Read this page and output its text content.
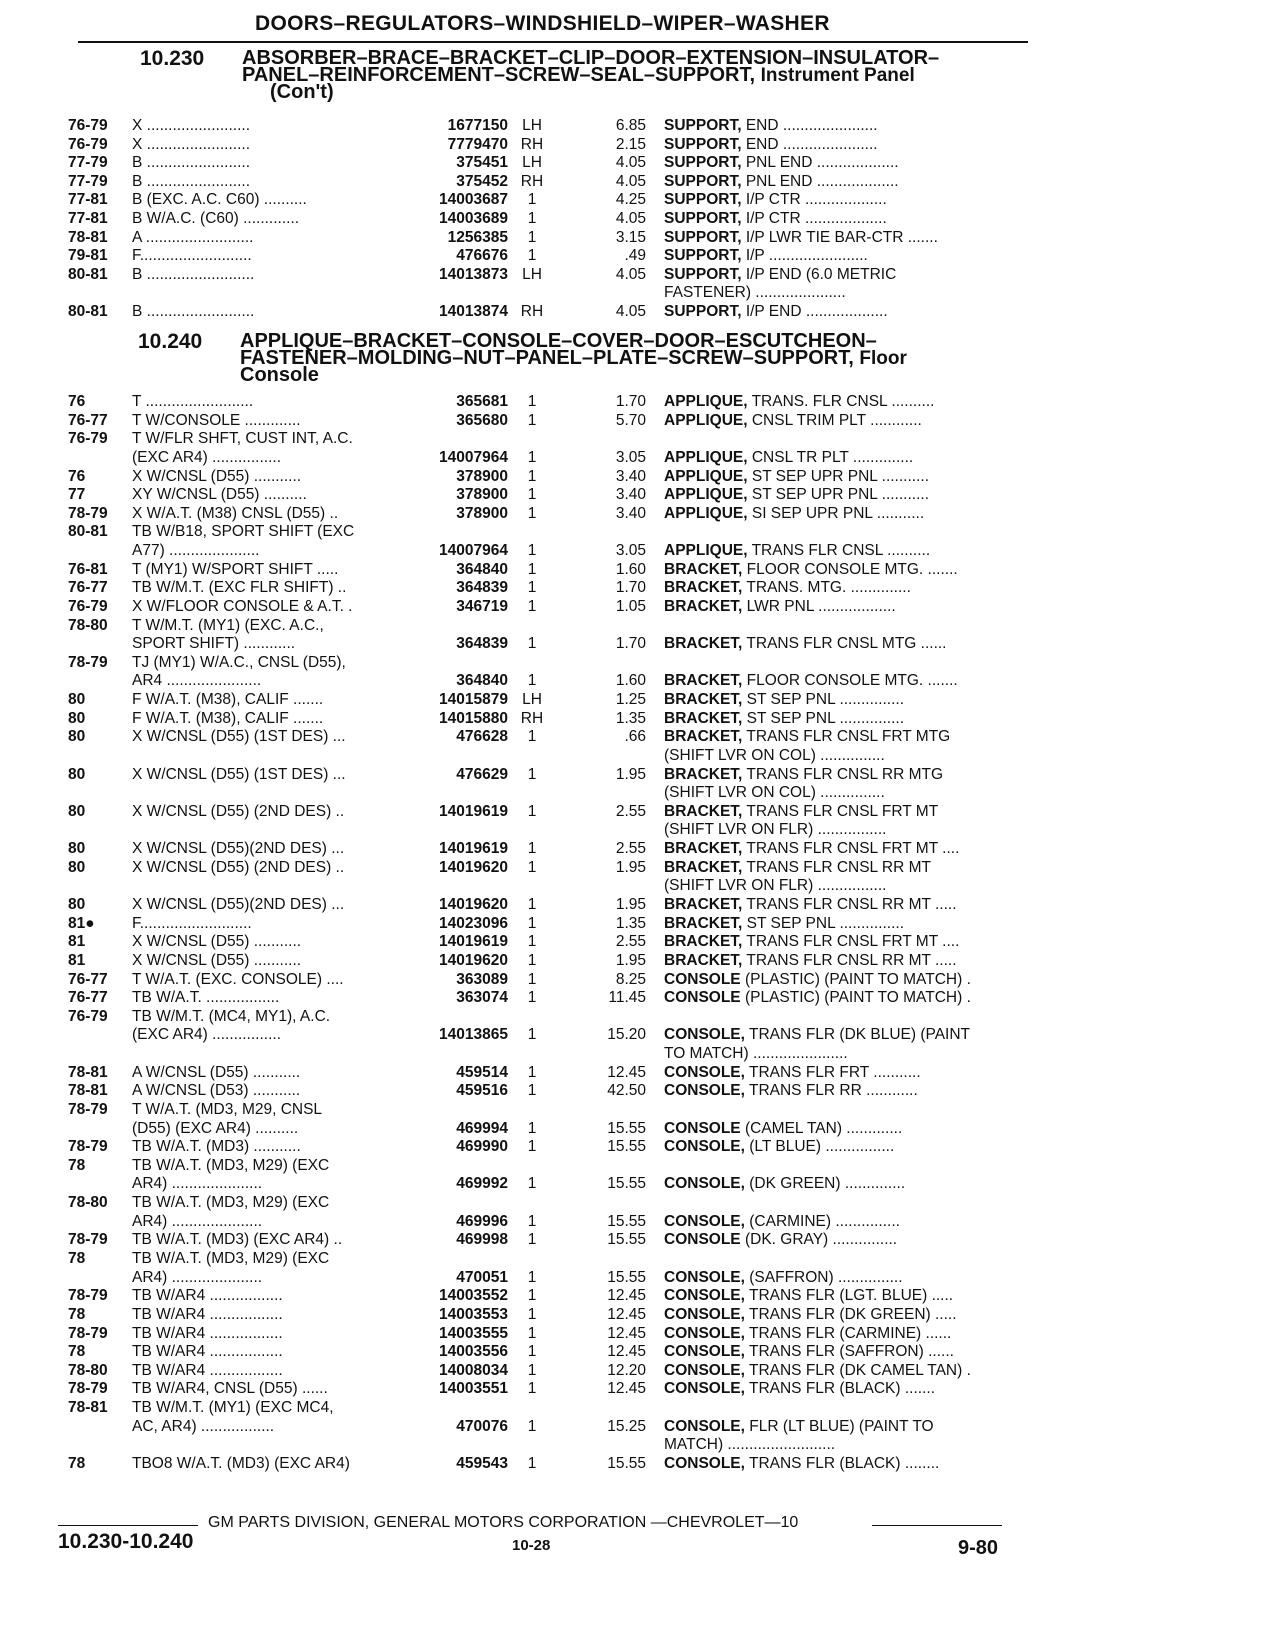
DOORS–REGULATORS–WINDSHIELD–WIPER–WASHER
10.230 ABSORBER–BRACE–BRACKET–CLIP–DOOR–EXTENSION–INSULATOR–
PANEL–REINFORCEMENT–SCREW–SEAL–SUPPORT, Instrument Panel
(Con't)
76-79	X ........................	1677150 LH	6.85 SUPPORT, END ......................
76-79	X ........................	7779470 RH	2.15 SUPPORT, END ......................
77-79	B ........................	375451 LH	4.05 SUPPORT, PNL END ...................
77-79	B ........................	375452 RH	4.05 SUPPORT, PNL END ...................
77-81	B (EXC. A.C. C60) ..........	14003687	1	4.25 SUPPORT, I/P CTR ...................
77-81	B W/A.C. (C60) .............	14003689	1	4.05 SUPPORT, I/P CTR ...................
78-81	A .........................	1256385	1	3.15 SUPPORT, I/P LWR TIE BAR-CTR .......
79-81	F..........................	476676	1	.49 SUPPORT, I/P .......................
80-81	B .........................	14013873 LH	4.05 SUPPORT, I/P END (6.0 METRIC
FASTENER) .....................
80-81	B .........................	14013874 RH	4.05 SUPPORT, I/P END ...................
10.240 APPLIQUE–BRACKET–CONSOLE–COVER–DOOR–ESCUTCHEON–
FASTENER–MOLDING–NUT–PANEL–PLATE–SCREW–SUPPORT, Floor
Console
76	T .........................	365681	1	1.70 APPLIQUE, TRANS. FLR CNSL ..........
76-77	T W/CONSOLE .............	365680	1	5.70 APPLIQUE, CNSL TRIM PLT ............
76-79	T W/FLR SHFT, CUST INT, A.C.
(EXC AR4) ................	14007964	1	3.05 APPLIQUE, CNSL TR PLT ..............
76	X W/CNSL (D55) ...........	378900	1	3.40 APPLIQUE, ST SEP UPR PNL ...........
77	XY W/CNSL (D55) ..........	378900	1	3.40 APPLIQUE, ST SEP UPR PNL ...........
78-79	X W/A.T. (M38) CNSL (D55) ..	378900	1	3.40 APPLIQUE, SI SEP UPR PNL ...........
80-81	TB W/B18, SPORT SHIFT (EXC
A77) .....................	14007964	1	3.05 APPLIQUE, TRANS FLR CNSL ..........
76-81	T (MY1) W/SPORT SHIFT .....	364840	1	1.60 BRACKET, FLOOR CONSOLE MTG. .......
76-77	TB W/M.T. (EXC FLR SHIFT) ..	364839	1	1.70 BRACKET, TRANS. MTG. ..............
76-79	X W/FLOOR CONSOLE & A.T. .	346719	1	1.05 BRACKET, LWR PNL ..................
78-80	T W/M.T. (MY1) (EXC. A.C.,
SPORT SHIFT) ............	364839	1	1.70 BRACKET, TRANS FLR CNSL MTG ......
78-79	TJ (MY1) W/A.C., CNSL (D55),
AR4 ......................	364840	1	1.60 BRACKET, FLOOR CONSOLE MTG. .......
80	F W/A.T. (M38), CALIF .......	14015879 LH	1.25 BRACKET, ST SEP PNL ...............
80	F W/A.T. (M38), CALIF .......	14015880 RH	1.35 BRACKET, ST SEP PNL ...............
80	X W/CNSL (D55) (1ST DES) ...	476628	1	.66 BRACKET, TRANS FLR CNSL FRT MTG
(SHIFT LVR ON COL) ...............
80	X W/CNSL (D55) (1ST DES) ...	476629	1	1.95 BRACKET, TRANS FLR CNSL RR MTG
(SHIFT LVR ON COL) ...............
80	X W/CNSL (D55) (2ND DES) ..	14019619	1	2.55 BRACKET, TRANS FLR CNSL FRT MT
(SHIFT LVR ON FLR) ................
80	X W/CNSL (D55)(2ND DES) ...	14019619	1	2.55 BRACKET, TRANS FLR CNSL FRT MT ....
80	X W/CNSL (D55) (2ND DES) ..	14019620	1	1.95 BRACKET, TRANS FLR CNSL RR MT
(SHIFT LVR ON FLR) ................
80	X W/CNSL (D55)(2ND DES) ...	14019620	1	1.95 BRACKET, TRANS FLR CNSL RR MT .....
81●	F..........................	14023096	1	1.35 BRACKET, ST SEP PNL ...............
81	X W/CNSL (D55) ...........	14019619	1	2.55 BRACKET, TRANS FLR CNSL FRT MT ....
81	X W/CNSL (D55) ...........	14019620	1	1.95 BRACKET, TRANS FLR CNSL RR MT .....
76-77	T W/A.T. (EXC. CONSOLE) ....	363089	1	8.25 CONSOLE (PLASTIC) (PAINT TO MATCH) .
76-77	TB W/A.T. .................	363074	1	11.45 CONSOLE (PLASTIC) (PAINT TO MATCH) .
76-79	TB W/M.T. (MC4, MY1), A.C.
(EXC AR4) ................	14013865	1	15.20 CONSOLE, TRANS FLR (DK BLUE) (PAINT
TO MATCH) ......................
78-81	A W/CNSL (D55) ...........	459514	1	12.45 CONSOLE, TRANS FLR FRT ...........
78-81	A W/CNSL (D53) ...........	459516	1	42.50 CONSOLE, TRANS FLR RR ............
78-79	T W/A.T. (MD3, M29, CNSL
(D55) (EXC AR4) ..........	469994	1	15.55 CONSOLE (CAMEL TAN) .............
78-79	TB W/A.T. (MD3) ...........	469990	1	15.55 CONSOLE, (LT BLUE) ................
78	TB W/A.T. (MD3, M29) (EXC
AR4) .....................	469992	1	15.55 CONSOLE, (DK GREEN) ..............
78-80	TB W/A.T. (MD3, M29) (EXC
AR4) .....................	469996	1	15.55 CONSOLE, (CARMINE) ...............
78-79	TB W/A.T. (MD3) (EXC AR4) ..	469998	1	15.55 CONSOLE (DK. GRAY) ...............
78	TB W/A.T. (MD3, M29) (EXC
AR4) .....................	470051	1	15.55 CONSOLE, (SAFFRON) ...............
78-79	TB W/AR4 .................	14003552	1	12.45 CONSOLE, TRANS FLR (LGT. BLUE) .....
78	TB W/AR4 .................	14003553	1	12.45 CONSOLE, TRANS FLR (DK GREEN) .....
78-79	TB W/AR4 .................	14003555	1	12.45 CONSOLE, TRANS FLR (CARMINE) ......
78	TB W/AR4 .................	14003556	1	12.45 CONSOLE, TRANS FLR (SAFFRON) ......
78-80	TB W/AR4 .................	14008034	1	12.20 CONSOLE, TRANS FLR (DK CAMEL TAN) .
78-79	TB W/AR4, CNSL (D55) ......	14003551	1	12.45 CONSOLE, TRANS FLR (BLACK) .......
78-81	TB W/M.T. (MY1) (EXC MC4,
AC, AR4) .................	470076	1	15.25 CONSOLE, FLR (LT BLUE) (PAINT TO
MATCH) .........................
78	TBO8 W/A.T. (MD3) (EXC AR4)	459543	1	15.55 CONSOLE, TRANS FLR (BLACK) ........
GM PARTS DIVISION, GENERAL MOTORS CORPORATION —CHEVROLET—10
10.230-10.240	10-28	9-80
